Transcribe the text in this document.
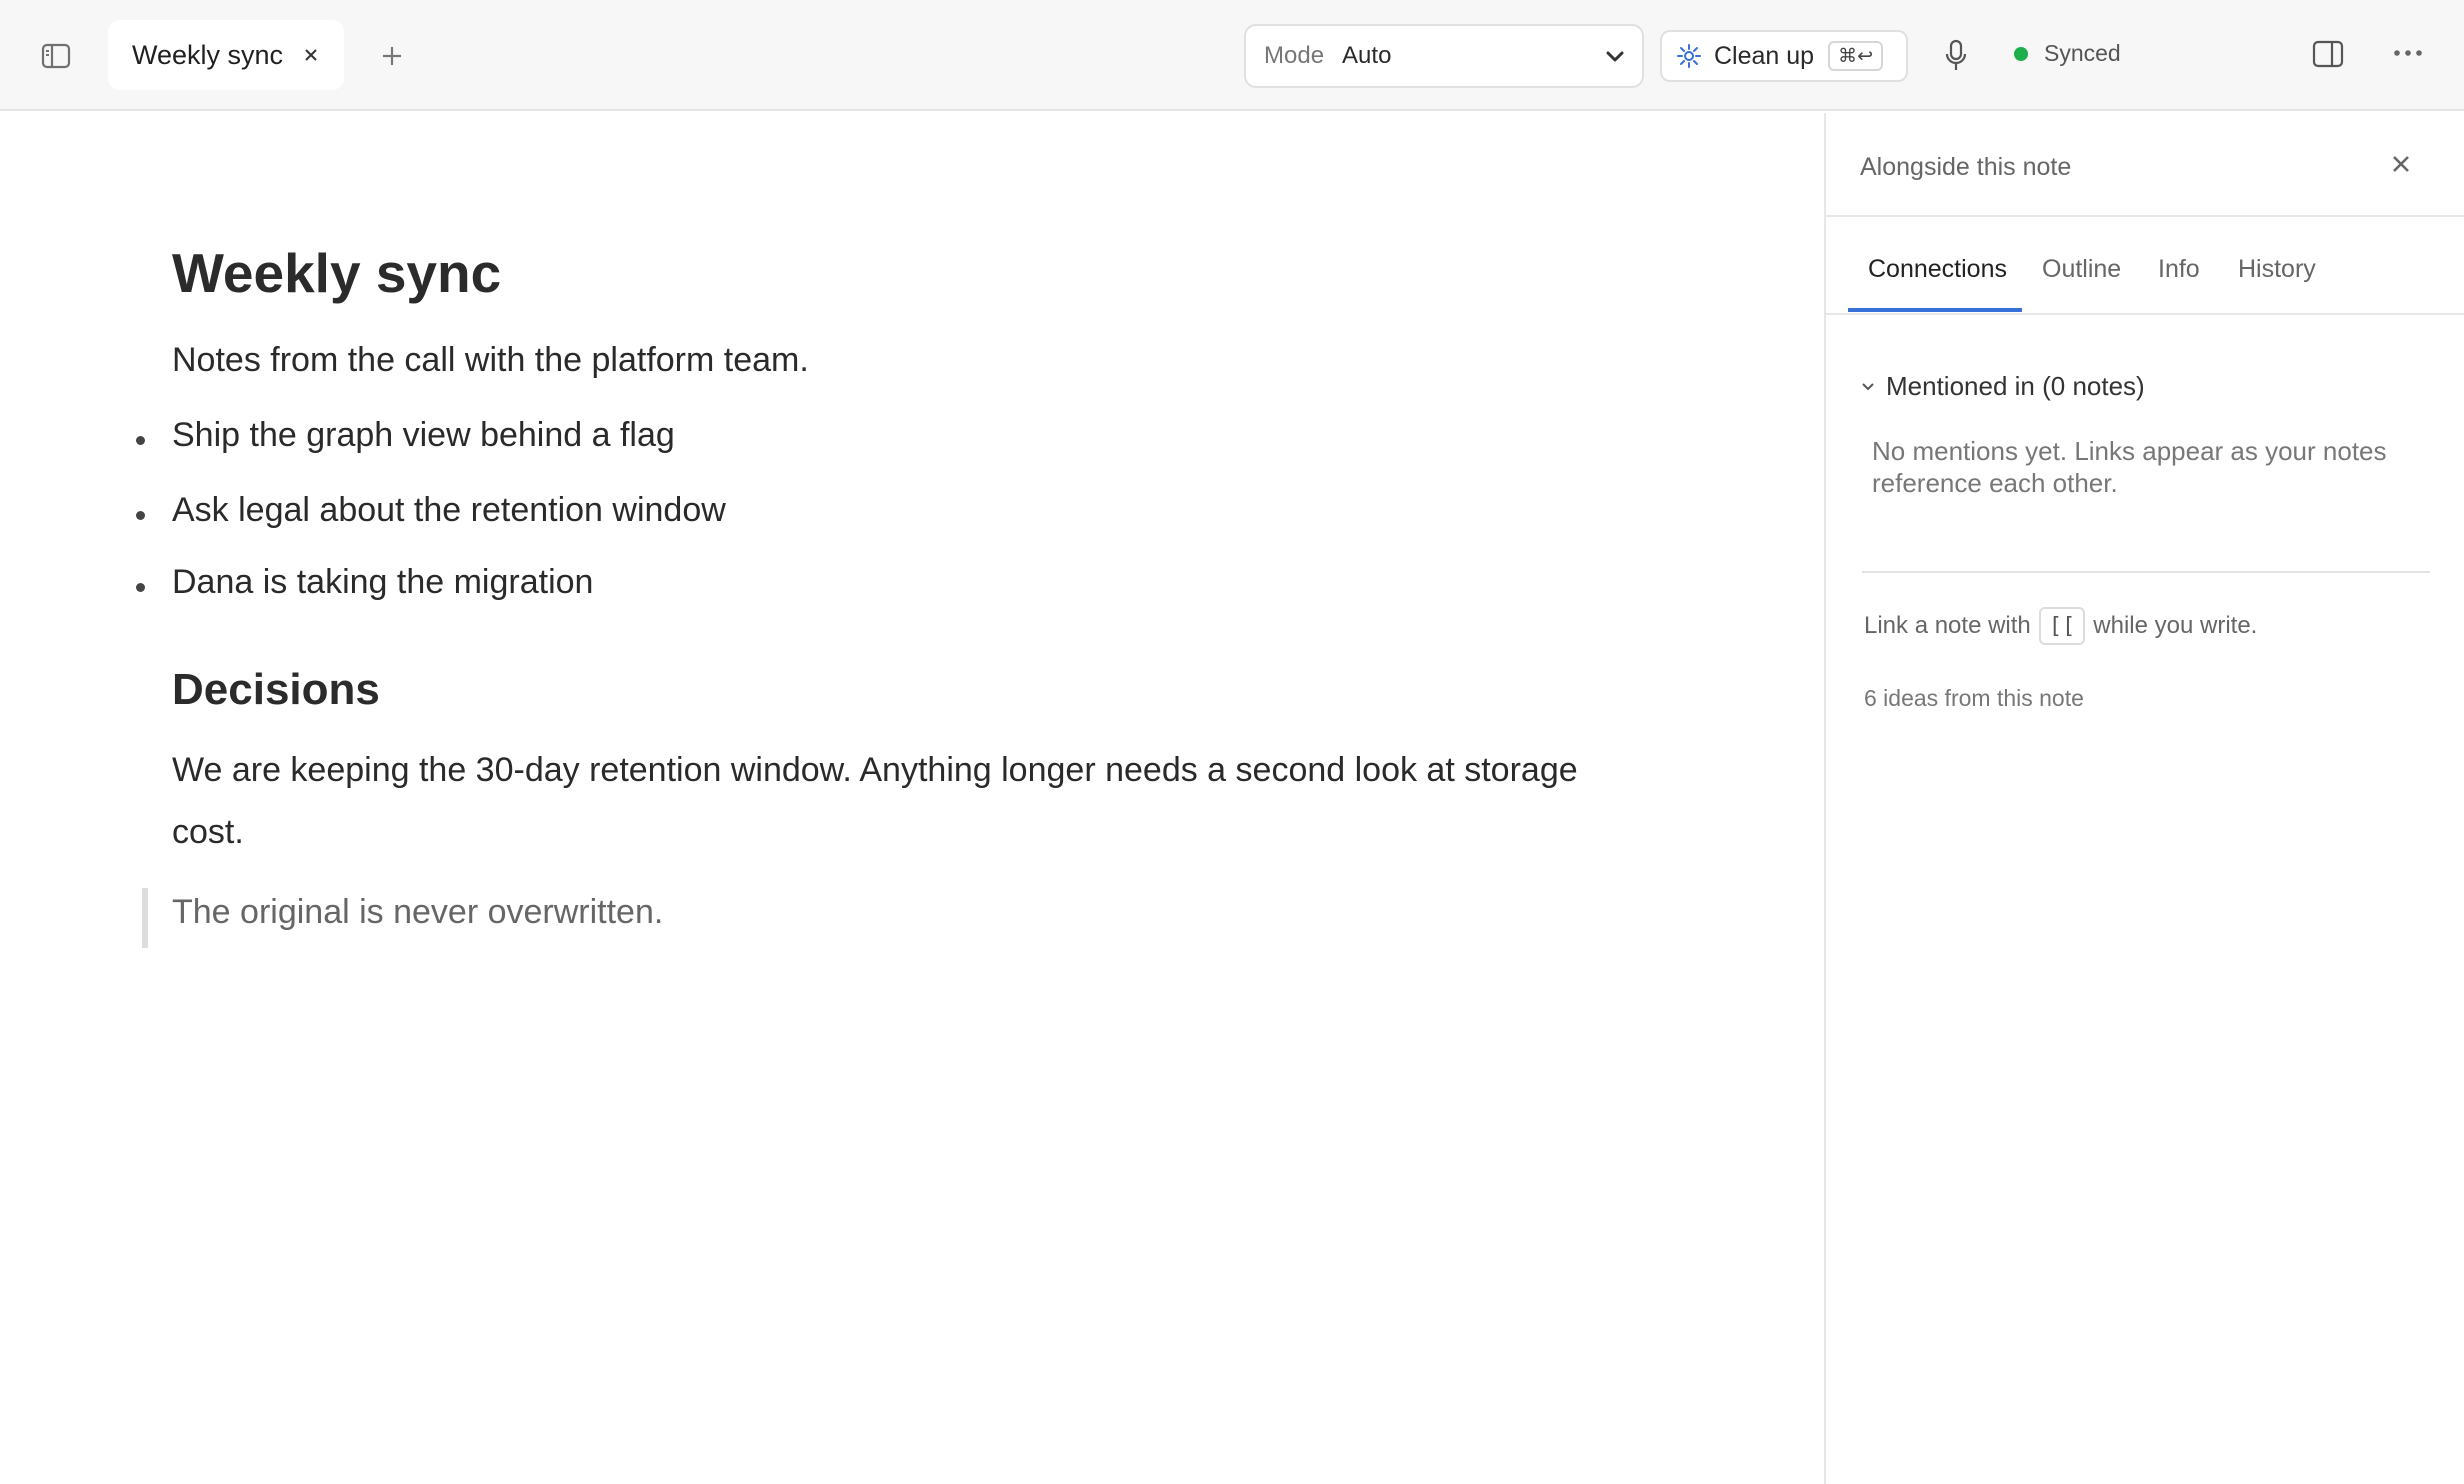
Weekly sync	Mode Auto	Clean up	⌘↩	Synced
Weekly sync
Notes from the call with the platform team.
Ship the graph view behind a flag
Ask legal about the retention window
Dana is taking the migration
Decisions
We are keeping the 30-day retention window. Anything longer needs a second look at storage cost.
The original is never overwritten.
Alongside this note
Connections Outline Info History
Mentioned in (0 notes)
No mentions yet. Links appear as your notes reference each other.
Link a note with [[ while you write.
6 ideas from this note
